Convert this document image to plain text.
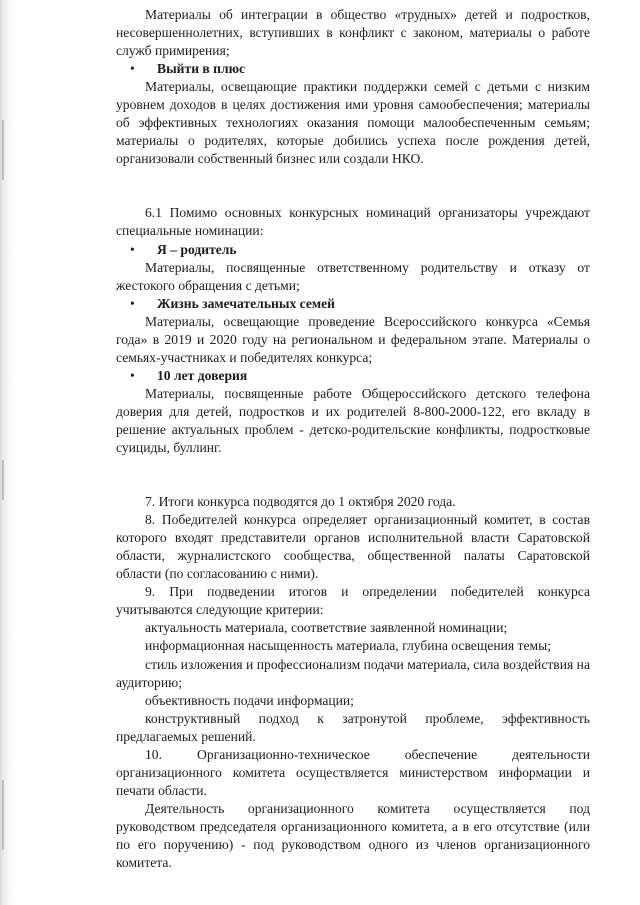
Материалы об интеграции в общество «трудных» детей и подростков, несовершеннолетних, вступивших в конфликт с законом, материалы о работе служб примирения;

•	Выйти в плюс

Материалы, освещающие практики поддержки семей с детьми с низким уровнем доходов в целях достижения ими уровня самообеспечения; материалы об эффективных технологиях оказания помощи малообеспеченным семьям; материалы о родителях, которые добились успеха после рождения детей, организовали собственный бизнес или создали НКО.

6.1 Помимо основных конкурсных номинаций организаторы учреждают специальные номинации:

•	Я – родитель

Материалы, посвященные ответственному родительству и отказу от жестокого обращения с детьми;

•	Жизнь замечательных семей

Материалы, освещающие проведение Всероссийского конкурса «Семья года» в 2019 и 2020 году на региональном и федеральном этапе. Материалы о семьях-участниках и победителях конкурса;

•	10 лет доверия

Материалы, посвященные работе Общероссийского детского телефона доверия для детей, подростков и их родителей 8-800-2000-122, его вкладу в решение актуальных проблем - детско-родительские конфликты, подростковые суициды, буллинг.

7. Итоги конкурса подводятся до 1 октября 2020 года.

8. Победителей конкурса определяет организационный комитет, в состав которого входят представители органов исполнительной власти Саратовской области, журналистского сообщества, общественной палаты Саратовской области (по согласованию с ними).

9. При подведении итогов и определении победителей конкурса учитываются следующие критерии:

актуальность материала, соответствие заявленной номинации;

информационная насыщенность материала, глубина освещения темы;

стиль изложения и профессионализм подачи материала, сила воздействия на аудиторию;

объективность подачи информации;

конструктивный подход к затронутой проблеме, эффективность предлагаемых решений.

10. Организационно-техническое обеспечение деятельности организационного комитета осуществляется министерством информации и печати области.

Деятельность организационного комитета осуществляется под руководством председателя организационного комитета, а в его отсутствие (или по его поручению) - под руководством одного из членов организационного комитета.
